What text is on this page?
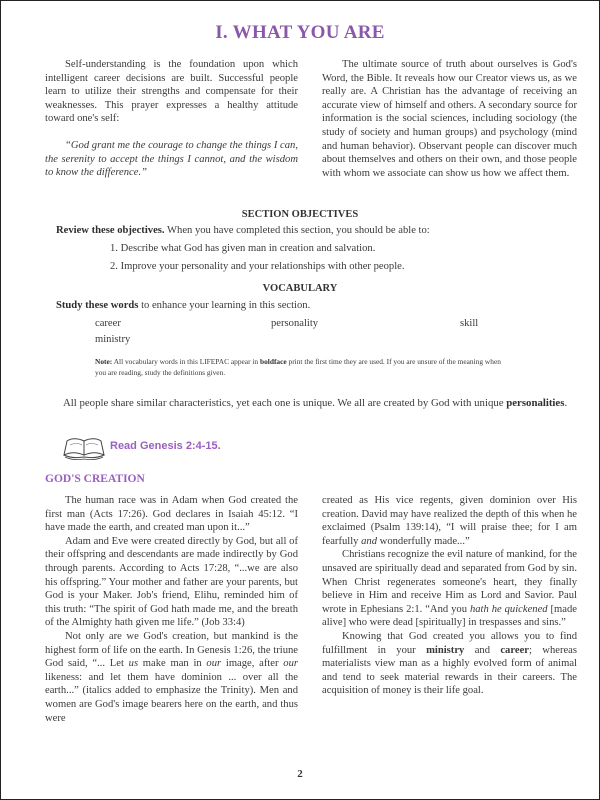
I. WHAT YOU ARE

Self-understanding is the foundation upon which intelligent career decisions are built. Successful people learn to utilize their strengths and compensate for their weaknesses. This prayer expresses a healthy attitude toward one's self:

“God grant me the courage to change the things I can, the serenity to accept the things I cannot, and the wisdom to know the difference.”

The ultimate source of truth about ourselves is God's Word, the Bible. It reveals how our Creator views us, as we really are. A Christian has the advantage of receiving an accurate view of himself and others. A secondary source for information is the social sciences, including sociology (the study of society and human groups) and psychology (mind and human behavior). Observant people can discover much about themselves and others on their own, and those people with whom we associate can show us how we affect them.

SECTION OBJECTIVES
Review these objectives. When you have completed this section, you should be able to:
1. Describe what God has given man in creation and salvation.
2. Improve your personality and your relationships with other people.
VOCABULARY
Study these words to enhance your learning in this section.
career	personality	skill
ministry
Note: All vocabulary words in this LIFEPAC appear in boldface print the first time they are used. If you are unsure of the meaning when you are reading, study the definitions given.
All people share similar characteristics, yet each one is unique. We all are created by God with unique personalities.
Read Genesis 2:4-15.
GOD'S CREATION

The human race was in Adam when God created the first man (Acts 17:26). God declares in Isaiah 45:12. “I have made the earth, and created man upon it...”

Adam and Eve were created directly by God, but all of their offspring and descendants are made indirectly by God through parents. According to Acts 17:28, “...we are also his offspring.” Your mother and father are your parents, but God is your Maker. Job's friend, Elihu, reminded him of this truth: “The spirit of God hath made me, and the breath of the Almighty hath given me life.” (Job 33:4)

Not only are we God's creation, but mankind is the highest form of life on the earth. In Genesis 1:26, the triune God said, “... Let us make man in our image, after our likeness: and let them have dominion ... over all the earth...” (italics added to emphasize the Trinity). Men and women are God's image bearers here on the earth, and thus were

created as His vice regents, given dominion over His creation. David may have realized the depth of this when he exclaimed (Psalm 139:14), “I will praise thee; for I am fearfully and wonderfully made...”

Christians recognize the evil nature of mankind, for the unsaved are spiritually dead and separated from God by sin. When Christ regenerates someone's heart, they finally believe in Him and receive Him as Lord and Savior. Paul wrote in Ephesians 2:1. “And you hath he quickened [made alive] who were dead [spiritually] in trespasses and sins.”

Knowing that God created you allows you to find fulfillment in your ministry and career; whereas materialists view man as a highly evolved form of animal and tend to seek material rewards in their careers. The acquisition of money is their life goal.

2
